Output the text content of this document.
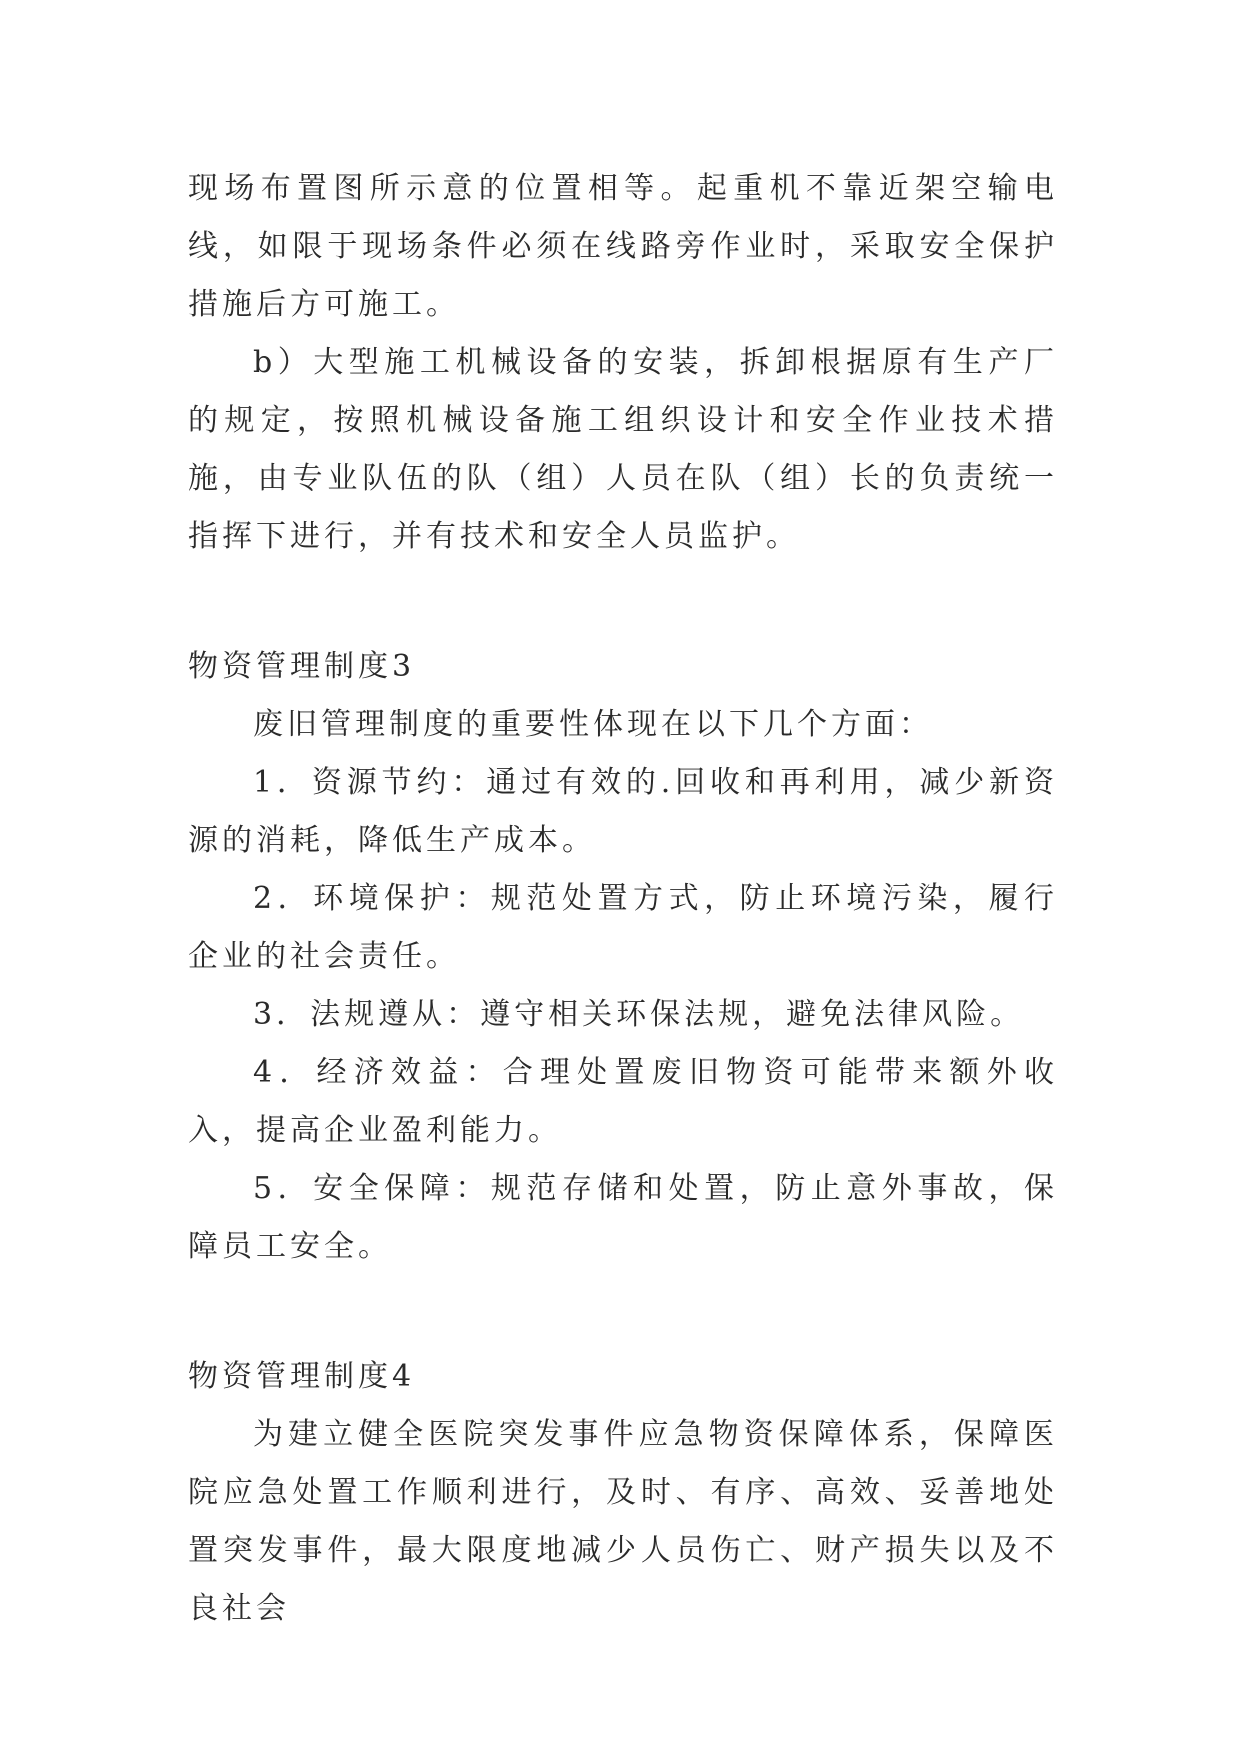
现场布置图所示意的位置相等。起重机不靠近架空输电线，如限于现场条件必须在线路旁作业时，采取安全保护措施后方可施工。

b）大型施工机械设备的安装，拆卸根据原有生产厂的规定，按照机械设备施工组织设计和安全作业技术措施，由专业队伍的队（组）人员在队（组）长的负责统一指挥下进行，并有技术和安全人员监护。

物资管理制度3

废旧管理制度的重要性体现在以下几个方面：

1．资源节约：通过有效的.回收和再利用，减少新资源的消耗，降低生产成本。

2．环境保护：规范处置方式，防止环境污染，履行企业的社会责任。

3．法规遵从：遵守相关环保法规，避免法律风险。

4．经济效益：合理处置废旧物资可能带来额外收入，提高企业盈利能力。

5．安全保障：规范存储和处置，防止意外事故，保障员工安全。

物资管理制度4

为建立健全医院突发事件应急物资保障体系，保障医院应急处置工作顺利进行，及时、有序、高效、妥善地处置突发事件，最大限度地减少人员伤亡、财产损失以及不良社会
